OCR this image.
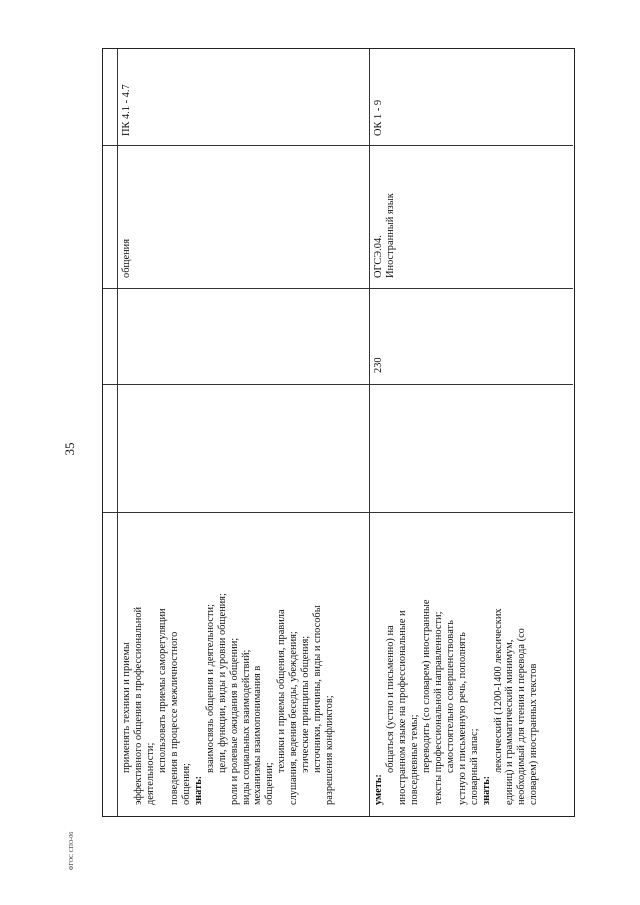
35
применять техники и приемы эффективного общения в профессиональной деятельности;
использовать приемы саморегуляции поведения в процессе межличностного общения; знать:
взаимосвязь общения и деятельности; цели, функции, виды и уровни общения; роли и ролевые ожидания в общении; виды социальных взаимодействий; механизмы взаимопонимания в общении;
техники и приемы общения, правила слушания, ведения беседы, убеждения; этические принципы общения; источники, причины, виды и способы разрешения конфликтов;
общения
ПК 4.1 - 4.7
уметь:
общаться (устно и письменно) на иностранном языке на профессиональные и повседневные темы; переводить (со словарем) иностранные тексты профессиональной направленности; самостоятельно совершенствовать устную и письменную речь, пополнять словарный запас; знать:
лексический (1200-1400 лексических единиц) и грамматический минимум, необходимый для чтения и перевода (со словарем) иностранных текстов
230
ОГСЭ.04. Иностранный язык
ОК 1 - 9
ФГОС СПО-06
